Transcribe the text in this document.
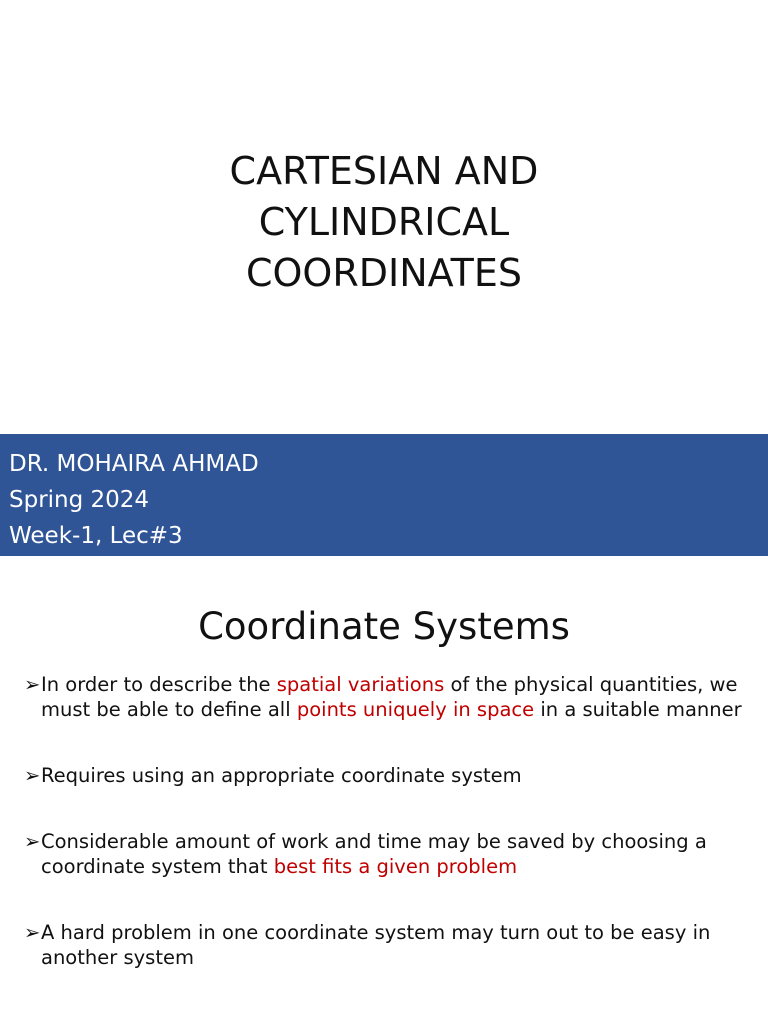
CARTESIAN AND
CYLINDRICAL
COORDINATES
DR. MOHAIRA AHMAD
Spring 2024
Week-1, Lec#3
Coordinate Systems
➢ In order to describe the spatial variations of the physical quantities, we must be able to define all points uniquely in space in a suitable manner
➢ Requires using an appropriate coordinate system
➢ Considerable amount of work and time may be saved by choosing a coordinate system that best fits a given problem
➢ A hard problem in one coordinate system may turn out to be easy in another system
